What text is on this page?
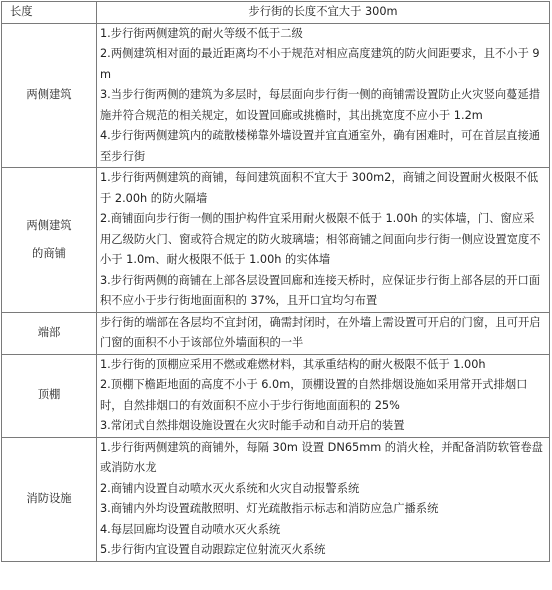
长度	步行街的长度不宜大于 300m

两侧建筑	1.步行街两侧建筑的耐火等级不低于二级
2.两侧建筑相对面的最近距离均不小于规范对相应高度建筑的防火间距要求，且不小于 9m
3.当步行街两侧的建筑为多层时，每层面向步行街一侧的商铺需设置防止火灾竖向蔓延措施并符合规范的相关规定，如设置回廊或挑檐时，其出挑宽度不应小于 1.2m
4.步行街两侧建筑内的疏散楼梯靠外墙设置并宜直通室外，确有困难时，可在首层直接通至步行街

两侧建筑
的商铺	1.步行街两侧建筑的商铺，每间建筑面积不宜大于 300m2，商铺之间设置耐火极限不低于 2.00h 的防火隔墙
2.商铺面向步行街一侧的围护构件宜采用耐火极限不低于 1.00h 的实体墙，门、窗应采用乙级防火门、窗或符合规定的防火玻璃墙；相邻商铺之间面向步行街一侧应设置宽度不小于 1.0m、耐火极限不低于 1.00h 的实体墙
3.步行街两侧的商铺在上部各层设置回廊和连接天桥时，应保证步行街上部各层的开口面积不应小于步行街地面面积的 37%，且开口宜均匀布置

端部	步行街的端部在各层均不宜封闭，确需封闭时，在外墙上需设置可开启的门窗，且可开启门窗的面积不小于该部位外墙面积的一半

顶棚	1.步行街的顶棚应采用不燃或难燃材料，其承重结构的耐火极限不低于 1.00h
2.顶棚下檐距地面的高度不小于 6.0m，顶棚设置的自然排烟设施如采用常开式排烟口时，自然排烟口的有效面积不应小于步行街地面面积的 25%
3.常闭式自然排烟设施设置在火灾时能手动和自动开启的装置

消防设施	1.步行街两侧建筑的商铺外，每隔 30m 设置 DN65mm 的消火栓，并配备消防软管卷盘或消防水龙
2.商铺内设置自动喷水灭火系统和火灾自动报警系统
3.商铺内外均设置疏散照明、灯光疏散指示标志和消防应急广播系统
4.每层回廊均设置自动喷水灭火系统
5.步行街内宜设置自动跟踪定位射流灭火系统
